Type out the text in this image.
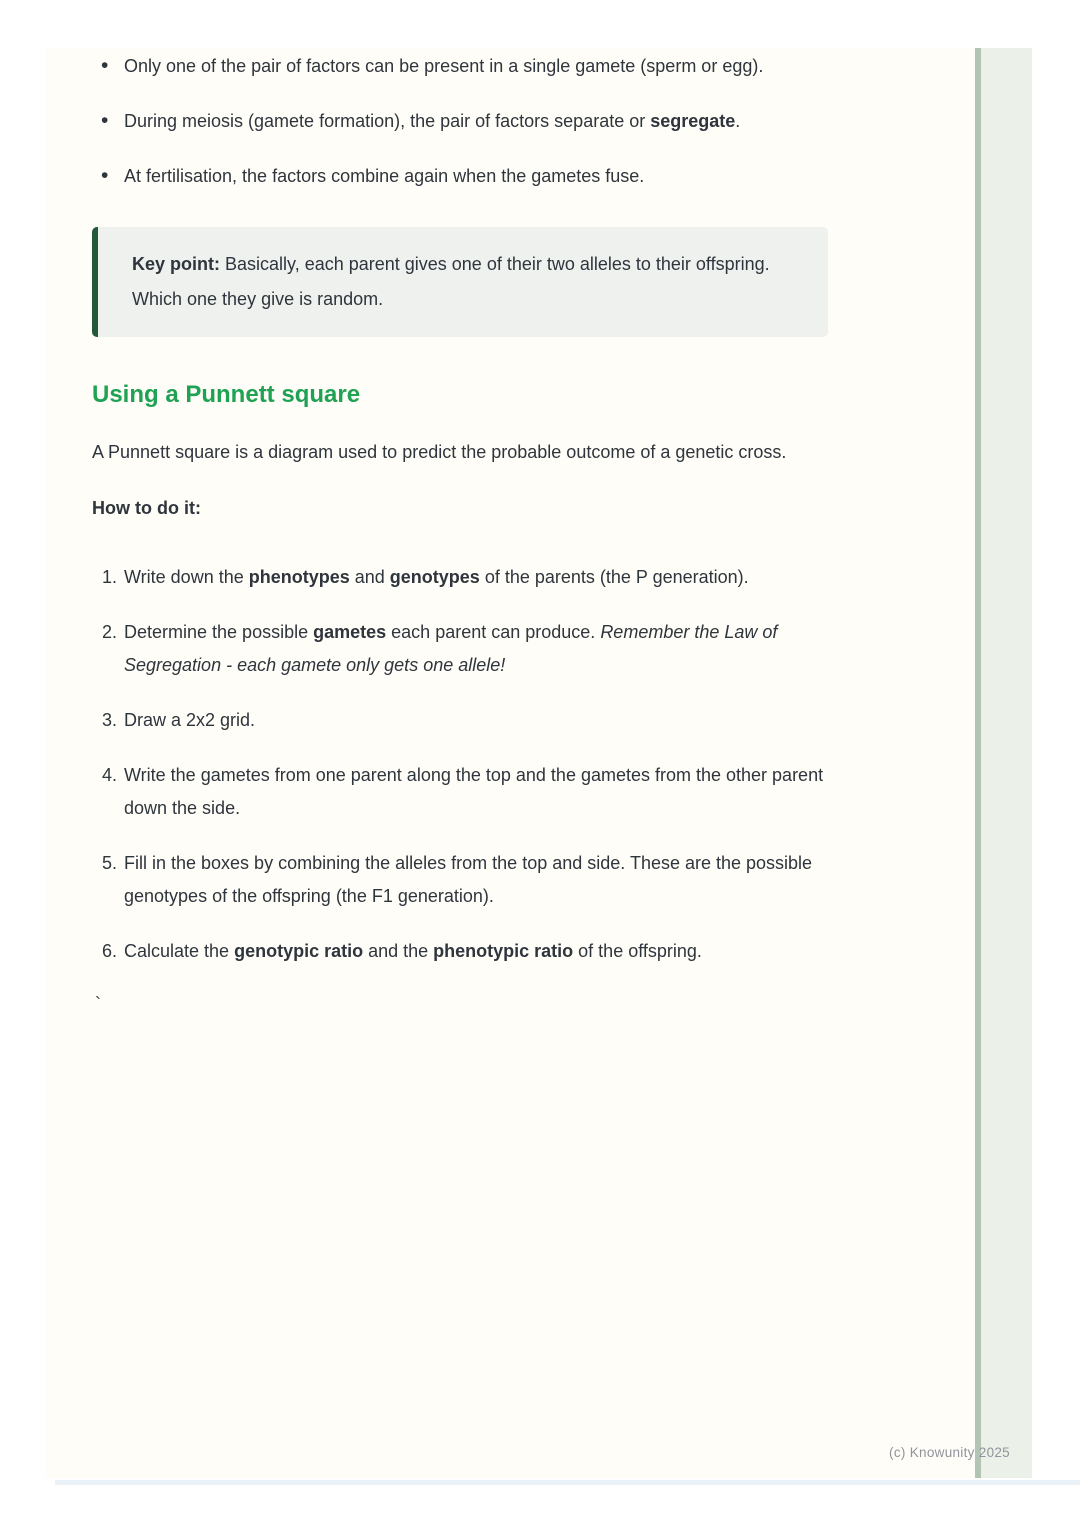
• Only one of the pair of factors can be present in a single gamete (sperm or egg).
• During meiosis (gamete formation), the pair of factors separate or segregate.
• At fertilisation, the factors combine again when the gametes fuse.

Key point: Basically, each parent gives one of their two alleles to their offspring. Which one they give is random.

Using a Punnett square

A Punnett square is a diagram used to predict the probable outcome of a genetic cross.

How to do it:

Write down the phenotypes and genotypes of the parents (the P generation).
Determine the possible gametes each parent can produce. Remember the Law of Segregation - each gamete only gets one allele!
Draw a 2x2 grid.
Write the gametes from one parent along the top and the gametes from the other parent down the side.
Fill in the boxes by combining the alleles from the top and side. These are the possible genotypes of the offspring (the F1 generation).
Calculate the genotypic ratio and the phenotypic ratio of the offspring.

`

(c) Knowunity 2025
